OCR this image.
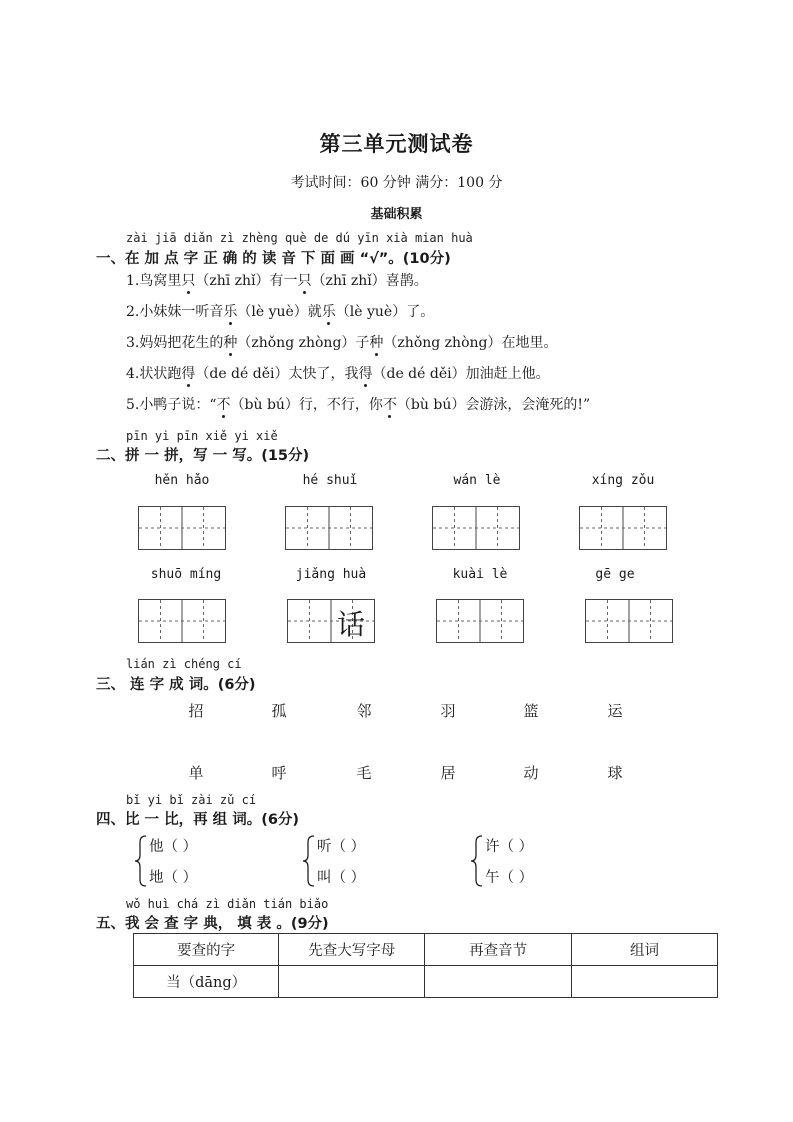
第三单元测试卷
考试时间：60 分钟 满分：100 分
基础积累
zài jiā diǎn zì zhèng què de dú yīn xià mian huà
一、在 加 点 字 正 确 的 读 音 下 面 画 “√”。(10分)
1.鸟窝里只（zhī zhǐ）有一只（zhī zhǐ）喜鹊。
2.小妹妹一听音乐（lè yuè）就乐（lè yuè）了。
3.妈妈把花生的种（zhǒng zhòng）子种（zhǒng zhòng）在地里。
4.状状跑得（de dé děi）太快了，我得（de dé děi）加油赶上他。
5.小鸭子说：“不（bù bú）行，不行，你不（bù bú）会游泳，会淹死的!”
pīn yi pīn xiě yi xiě
二、拼 一 拼，写 一 写。(15分)
hěn hǎo	hé shuǐ	wán lè	xíng zǒu
shuō míng	jiǎng huà	kuài lè	gē ge
话
lián zì chéng cí
三、 连 字 成 词。(6分)
招	孤	邻	羽	篮	运
单	呼	毛	居	动	球
bǐ yi bǐ zài zǔ cí
四、比 一 比，再 组 词。(6分)
他（ ）
地（ ）
听（ ）
叫（ ）
许（ ）
午（ ）
wǒ huì chá zì diǎn tián biǎo
五、我 会 查 字 典， 填 表 。(9分)
要查的字	先查大写字母	再查音节	组词
当（dāng）			
